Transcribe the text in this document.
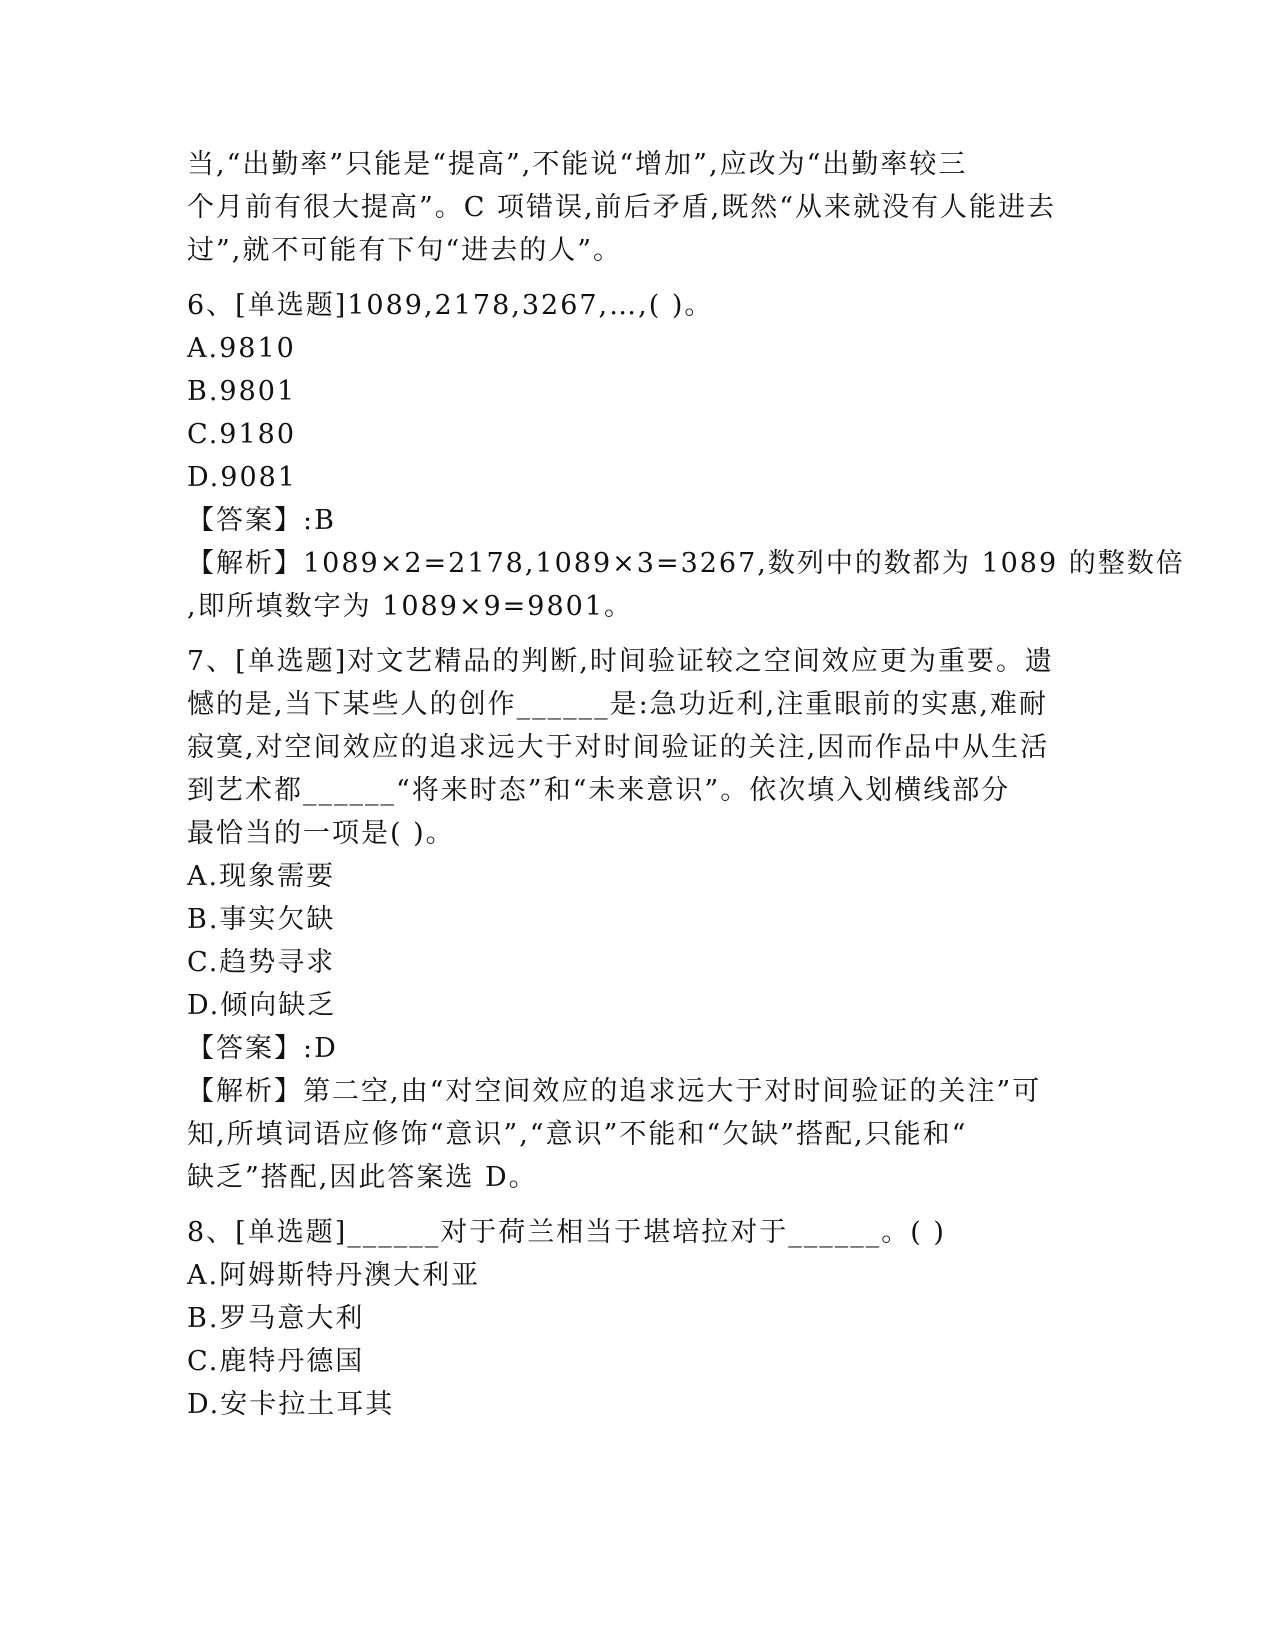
当,“出勤率”只能是“提高”,不能说“增加”,应改为“出勤率较三
个月前有很大提高”。C 项错误,前后矛盾,既然“从来就没有人能进去
过”,就不可能有下句“进去的人”。
6、[单选题]1089,2178,3267,…,( )。
A.9810
B.9801
C.9180
D.9081
【答案】:B
【解析】1089×2=2178,1089×3=3267,数列中的数都为 1089 的整数倍
,即所填数字为 1089×9=9801。
7、[单选题]对文艺精品的判断,时间验证较之空间效应更为重要。遗
憾的是,当下某些人的创作______是:急功近利,注重眼前的实惠,难耐
寂寞,对空间效应的追求远大于对时间验证的关注,因而作品中从生活
到艺术都______“将来时态”和“未来意识”。依次填入划横线部分
最恰当的一项是( )。
A.现象需要
B.事实欠缺
C.趋势寻求
D.倾向缺乏
【答案】:D
【解析】第二空,由“对空间效应的追求远大于对时间验证的关注”可
知,所填词语应修饰“意识”,“意识”不能和“欠缺”搭配,只能和“
缺乏”搭配,因此答案选 D。
8、[单选题]______对于荷兰相当于堪培拉对于______。( )
A.阿姆斯特丹澳大利亚
B.罗马意大利
C.鹿特丹德国
D.安卡拉土耳其
